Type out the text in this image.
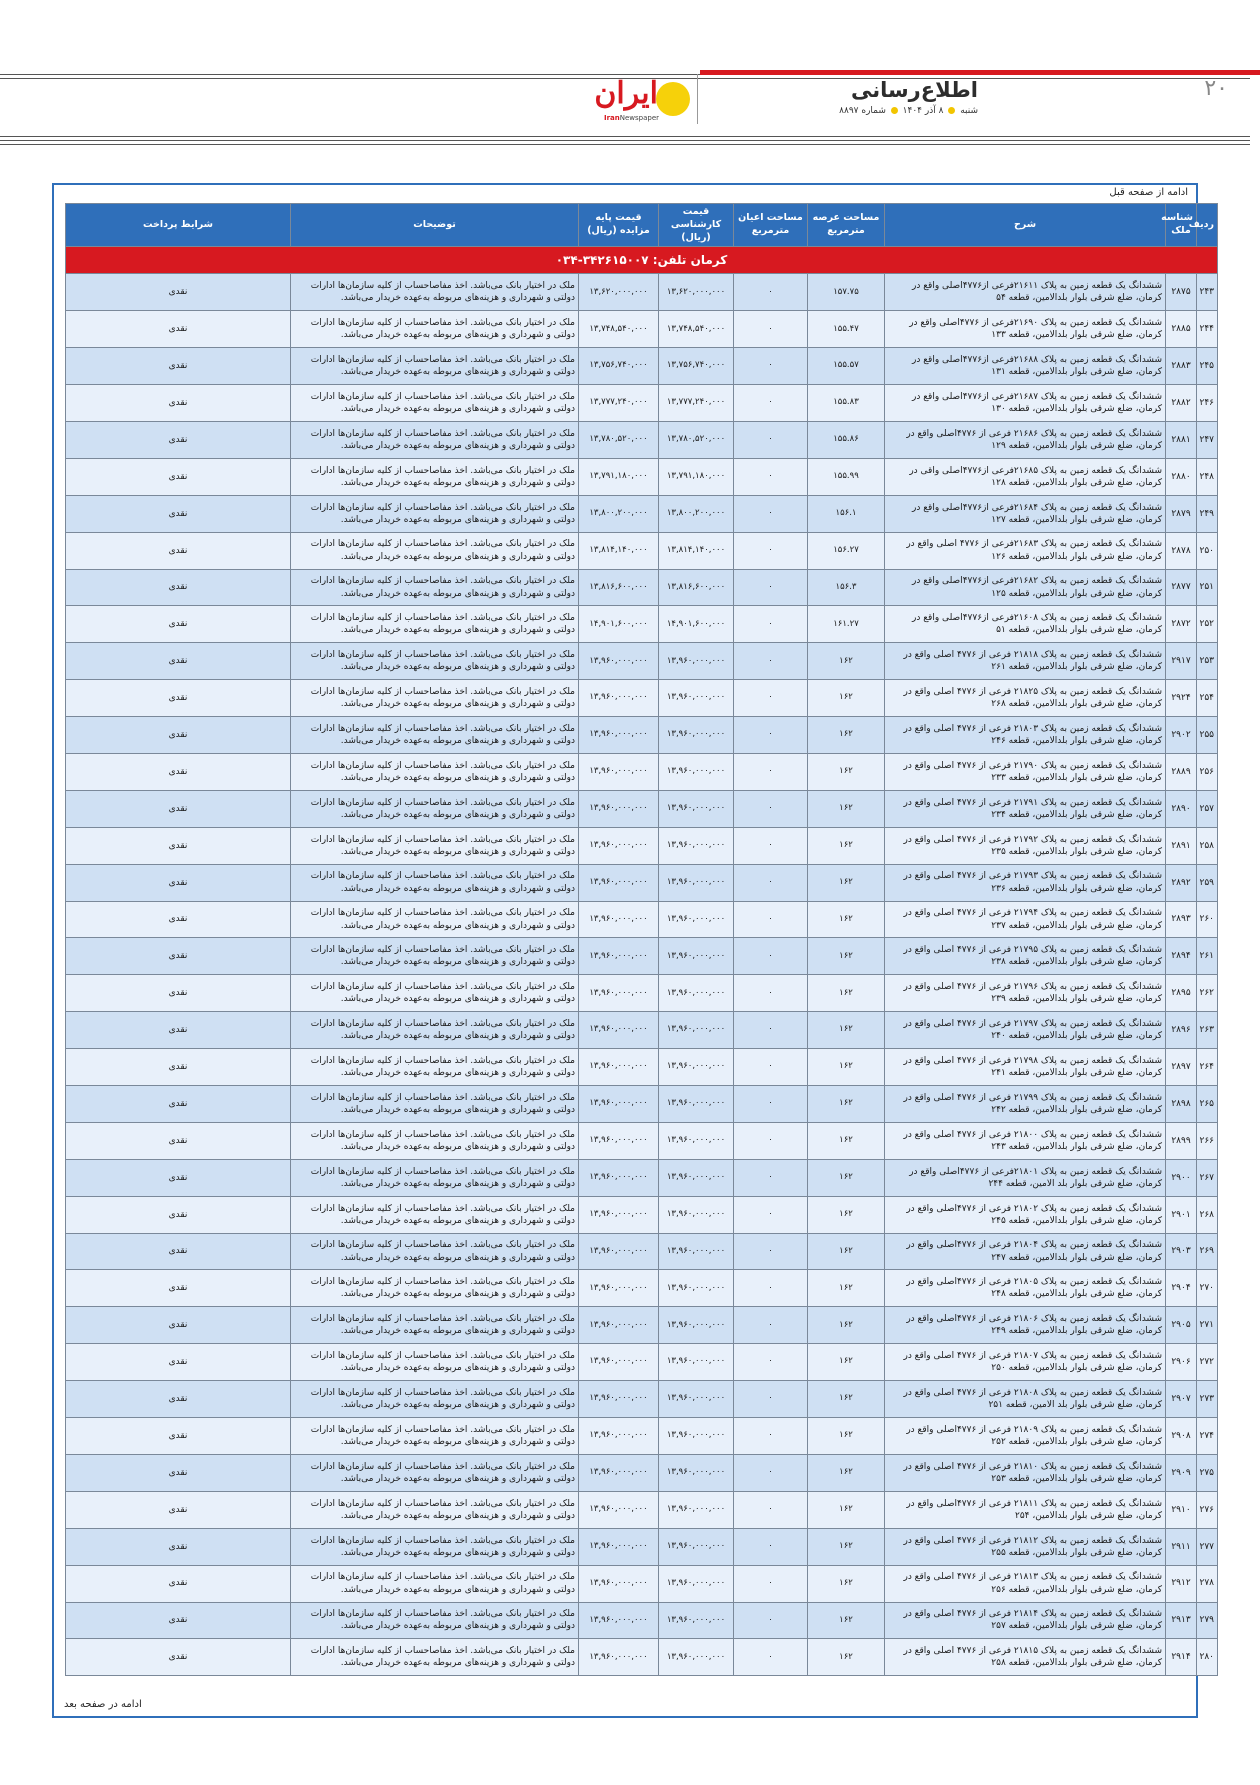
۲۰
اطلاع‌رسانی
شنبه  ۸ آذر ۱۴۰۴  شماره ۸۸۹۷
ایران
IranNewspaper
ادامه از صفحه قبل
ردیف	شناسه ملک	شرح	مساحت عرصه مترمربع	مساحت اعیان مترمربع	قیمت کارشناسی (ریال)	قیمت پایه مزایده (ریال)	توضیحات	شرایط پرداخت
کرمان تلفن: ۳۴۲۶۱۵۰۰۷-۰۳۴								
۲۴۳	۲۸۷۵	ششدانگ یک قطعه زمین به پلاک ۲۱۶۱۱فرعی از۴۷۷۶اصلی واقع در کرمان، ضلع شرقی بلوار بلدالامین، قطعه ۵۴	۱۵۷.۷۵	۰	۱۳,۶۲۰,۰۰۰,۰۰۰	۱۳,۶۲۰,۰۰۰,۰۰۰	ملک در اختیار بانک می‌باشد. اخذ مفاصاحساب از کلیه سازمان‌ها ادارات دولتی و شهرداری و هزینه‌های مربوطه به‌عهده خریدار می‌باشد.	نقدی
۲۴۴	۲۸۸۵	ششدانگ یک قطعه زمین به پلاک ۲۱۶۹۰فرعی از ۴۷۷۶اصلی واقع در کرمان، ضلع شرقی بلوار بلدالامین، قطعه ۱۳۳	۱۵۵.۴۷	۰	۱۳,۷۴۸,۵۴۰,۰۰۰	۱۳,۷۴۸,۵۴۰,۰۰۰	ملک در اختیار بانک می‌باشد. اخذ مفاصاحساب از کلیه سازمان‌ها ادارات دولتی و شهرداری و هزینه‌های مربوطه به‌عهده خریدار می‌باشد.	نقدی
۲۴۵	۲۸۸۳	ششدانگ یک قطعه زمین به پلاک ۲۱۶۸۸فرعی از۴۷۷۶اصلی واقع در کرمان، ضلع شرقی بلوار بلدالامین، قطعه ۱۳۱	۱۵۵.۵۷	۰	۱۳,۷۵۶,۷۴۰,۰۰۰	۱۳,۷۵۶,۷۴۰,۰۰۰	ملک در اختیار بانک می‌باشد. اخذ مفاصاحساب از کلیه سازمان‌ها ادارات دولتی و شهرداری و هزینه‌های مربوطه به‌عهده خریدار می‌باشد.	نقدی
۲۴۶	۲۸۸۲	ششدانگ یک قطعه زمین به پلاک ۲۱۶۸۷فرعی از۴۷۷۶اصلی واقع در کرمان، ضلع شرقی بلوار بلدالامین، قطعه ۱۳۰	۱۵۵.۸۳	۰	۱۳,۷۷۷,۲۴۰,۰۰۰	۱۳,۷۷۷,۲۴۰,۰۰۰	ملک در اختیار بانک می‌باشد. اخذ مفاصاحساب از کلیه سازمان‌ها ادارات دولتی و شهرداری و هزینه‌های مربوطه به‌عهده خریدار می‌باشد.	نقدی
۲۴۷	۲۸۸۱	ششدانگ یک قطعه زمین به پلاک ۲۱۶۸۶ فرعی از ۴۷۷۶اصلی واقع در کرمان، ضلع شرقی بلوار بلدالامین، قطعه ۱۲۹	۱۵۵.۸۶	۰	۱۳,۷۸۰,۵۲۰,۰۰۰	۱۳,۷۸۰,۵۲۰,۰۰۰	ملک در اختیار بانک می‌باشد. اخذ مفاصاحساب از کلیه سازمان‌ها ادارات دولتی و شهرداری و هزینه‌های مربوطه به‌عهده خریدار می‌باشد.	نقدی
۲۴۸	۲۸۸۰	ششدانگ یک قطعه زمین به پلاک ۲۱۶۸۵فرعی از۴۷۷۶اصلی واقی در کرمان، ضلع شرقی بلوار بلدالامین، قطعه ۱۲۸	۱۵۵.۹۹	۰	۱۳,۷۹۱,۱۸۰,۰۰۰	۱۳,۷۹۱,۱۸۰,۰۰۰	ملک در اختیار بانک می‌باشد. اخذ مفاصاحساب از کلیه سازمان‌ها ادارات دولتی و شهرداری و هزینه‌های مربوطه به‌عهده خریدار می‌باشد.	نقدی
۲۴۹	۲۸۷۹	ششدانگ یک قطعه زمین به پلاک ۲۱۶۸۴فرعی از۴۷۷۶اصلی واقع در کرمان، ضلع شرقی بلوار بلدالامین، قطعه ۱۲۷	۱۵۶.۱	۰	۱۳,۸۰۰,۲۰۰,۰۰۰	۱۳,۸۰۰,۲۰۰,۰۰۰	ملک در اختیار بانک می‌باشد. اخذ مفاصاحساب از کلیه سازمان‌ها ادارات دولتی و شهرداری و هزینه‌های مربوطه به‌عهده خریدار می‌باشد.	نقدی
۲۵۰	۲۸۷۸	ششدانگ یک قطعه زمین به پلاک ۲۱۶۸۳فرعی از ۴۷۷۶ اصلی واقع در کرمان، ضلع شرقی بلوار بلدالامین، قطعه ۱۲۶	۱۵۶.۲۷	۰	۱۳,۸۱۴,۱۴۰,۰۰۰	۱۳,۸۱۴,۱۴۰,۰۰۰	ملک در اختیار بانک می‌باشد. اخذ مفاصاحساب از کلیه سازمان‌ها ادارات دولتی و شهرداری و هزینه‌های مربوطه به‌عهده خریدار می‌باشد.	نقدی
۲۵۱	۲۸۷۷	ششدانگ یک قطعه زمین به پلاک ۲۱۶۸۲فرعی از۴۷۷۶اصلی واقع در کرمان، ضلع شرقی بلوار بلدالامین، قطعه ۱۲۵	۱۵۶.۳	۰	۱۳,۸۱۶,۶۰۰,۰۰۰	۱۳,۸۱۶,۶۰۰,۰۰۰	ملک در اختیار بانک می‌باشد. اخذ مفاصاحساب از کلیه سازمان‌ها ادارات دولتی و شهرداری و هزینه‌های مربوطه به‌عهده خریدار می‌باشد.	نقدی
۲۵۲	۲۸۷۲	ششدانگ یک قطعه زمین به پلاک ۲۱۶۰۸فرعی از۴۷۷۶اصلی واقع در کرمان، ضلع شرقی بلوار بلدالامین، قطعه ۵۱	۱۶۱.۲۷	۰	۱۴,۹۰۱,۶۰۰,۰۰۰	۱۴,۹۰۱,۶۰۰,۰۰۰	ملک در اختیار بانک می‌باشد. اخذ مفاصاحساب از کلیه سازمان‌ها ادارات دولتی و شهرداری و هزینه‌های مربوطه به‌عهده خریدار می‌باشد.	نقدی
۲۵۳	۲۹۱۷	ششدانگ یک قطعه زمین به پلاک ۲۱۸۱۸ فرعی از ۴۷۷۶ اصلی واقع در کرمان، ضلع شرقی بلوار بلدالامین، قطعه ۲۶۱	۱۶۲	۰	۱۳,۹۶۰,۰۰۰,۰۰۰	۱۳,۹۶۰,۰۰۰,۰۰۰	ملک در اختیار بانک می‌باشد. اخذ مفاصاحساب از کلیه سازمان‌ها ادارات دولتی و شهرداری و هزینه‌های مربوطه به‌عهده خریدار می‌باشد.	نقدی
۲۵۴	۲۹۲۴	ششدانگ یک قطعه زمین به پلاک ۲۱۸۲۵ فرعی از ۴۷۷۶ اصلی واقع در کرمان، ضلع شرقی بلوار بلدالامین، قطعه ۲۶۸	۱۶۲	۰	۱۳,۹۶۰,۰۰۰,۰۰۰	۱۳,۹۶۰,۰۰۰,۰۰۰	ملک در اختیار بانک می‌باشد. اخذ مفاصاحساب از کلیه سازمان‌ها ادارات دولتی و شهرداری و هزینه‌های مربوطه به‌عهده خریدار می‌باشد.	نقدی
۲۵۵	۲۹۰۲	ششدانگ یک قطعه زمین به پلاک ۲۱۸۰۳ فرعی از ۴۷۷۶ اصلی واقع در کرمان، ضلع شرقی بلوار بلدالامین، قطعه ۲۴۶	۱۶۲	۰	۱۳,۹۶۰,۰۰۰,۰۰۰	۱۳,۹۶۰,۰۰۰,۰۰۰	ملک در اختیار بانک می‌باشد. اخذ مفاصاحساب از کلیه سازمان‌ها ادارات دولتی و شهرداری و هزینه‌های مربوطه به‌عهده خریدار می‌باشد.	نقدی
۲۵۶	۲۸۸۹	ششدانگ یک قطعه زمین به پلاک ۲۱۷۹۰ فرعی از ۴۷۷۶ اصلی واقع در کرمان، ضلع شرقی بلوار بلدالامین، قطعه ۲۳۳	۱۶۲	۰	۱۳,۹۶۰,۰۰۰,۰۰۰	۱۳,۹۶۰,۰۰۰,۰۰۰	ملک در اختیار بانک می‌باشد. اخذ مفاصاحساب از کلیه سازمان‌ها ادارات دولتی و شهرداری و هزینه‌های مربوطه به‌عهده خریدار می‌باشد.	نقدی
۲۵۷	۲۸۹۰	ششدانگ یک قطعه زمین به پلاک ۲۱۷۹۱ فرعی از ۴۷۷۶ اصلی واقع در کرمان، ضلع شرقی بلوار بلدالامین، قطعه ۲۳۴	۱۶۲	۰	۱۳,۹۶۰,۰۰۰,۰۰۰	۱۳,۹۶۰,۰۰۰,۰۰۰	ملک در اختیار بانک می‌باشد. اخذ مفاصاحساب از کلیه سازمان‌ها ادارات دولتی و شهرداری و هزینه‌های مربوطه به‌عهده خریدار می‌باشد.	نقدی
۲۵۸	۲۸۹۱	ششدانگ یک قطعه زمین به پلاک ۲۱۷۹۲ فرعی از ۴۷۷۶ اصلی واقع در کرمان، ضلع شرقی بلوار بلدالامین، قطعه ۲۳۵	۱۶۲	۰	۱۳,۹۶۰,۰۰۰,۰۰۰	۱۳,۹۶۰,۰۰۰,۰۰۰	ملک در اختیار بانک می‌باشد. اخذ مفاصاحساب از کلیه سازمان‌ها ادارات دولتی و شهرداری و هزینه‌های مربوطه به‌عهده خریدار می‌باشد.	نقدی
۲۵۹	۲۸۹۲	ششدانگ یک قطعه زمین به پلاک ۲۱۷۹۳ فرعی از ۴۷۷۶ اصلی واقع در کرمان، ضلع شرقی بلوار بلدالامین، قطعه ۲۳۶	۱۶۲	۰	۱۳,۹۶۰,۰۰۰,۰۰۰	۱۳,۹۶۰,۰۰۰,۰۰۰	ملک در اختیار بانک می‌باشد. اخذ مفاصاحساب از کلیه سازمان‌ها ادارات دولتی و شهرداری و هزینه‌های مربوطه به‌عهده خریدار می‌باشد.	نقدی
۲۶۰	۲۸۹۳	ششدانگ یک قطعه زمین به پلاک ۲۱۷۹۴ فرعی از ۴۷۷۶ اصلی واقع در کرمان، ضلع شرقی بلوار بلدالامین، قطعه ۲۳۷	۱۶۲	۰	۱۳,۹۶۰,۰۰۰,۰۰۰	۱۳,۹۶۰,۰۰۰,۰۰۰	ملک در اختیار بانک می‌باشد. اخذ مفاصاحساب از کلیه سازمان‌ها ادارات دولتی و شهرداری و هزینه‌های مربوطه به‌عهده خریدار می‌باشد.	نقدی
۲۶۱	۲۸۹۴	ششدانگ یک قطعه زمین به پلاک ۲۱۷۹۵ فرعی از ۴۷۷۶ اصلی واقع در کرمان، ضلع شرقی بلوار بلدالامین، قطعه ۲۳۸	۱۶۲	۰	۱۳,۹۶۰,۰۰۰,۰۰۰	۱۳,۹۶۰,۰۰۰,۰۰۰	ملک در اختیار بانک می‌باشد. اخذ مفاصاحساب از کلیه سازمان‌ها ادارات دولتی و شهرداری و هزینه‌های مربوطه به‌عهده خریدار می‌باشد.	نقدی
۲۶۲	۲۸۹۵	ششدانگ یک قطعه زمین به پلاک ۲۱۷۹۶ فرعی از ۴۷۷۶ اصلی واقع در کرمان، ضلع شرقی بلوار بلدالامین، قطعه ۲۳۹	۱۶۲	۰	۱۳,۹۶۰,۰۰۰,۰۰۰	۱۳,۹۶۰,۰۰۰,۰۰۰	ملک در اختیار بانک می‌باشد. اخذ مفاصاحساب از کلیه سازمان‌ها ادارات دولتی و شهرداری و هزینه‌های مربوطه به‌عهده خریدار می‌باشد.	نقدی
۲۶۳	۲۸۹۶	ششدانگ یک قطعه زمین به پلاک ۲۱۷۹۷ فرعی از ۴۷۷۶ اصلی واقع در کرمان، ضلع شرقی بلوار بلدالامین، قطعه ۲۴۰	۱۶۲	۰	۱۳,۹۶۰,۰۰۰,۰۰۰	۱۳,۹۶۰,۰۰۰,۰۰۰	ملک در اختیار بانک می‌باشد. اخذ مفاصاحساب از کلیه سازمان‌ها ادارات دولتی و شهرداری و هزینه‌های مربوطه به‌عهده خریدار می‌باشد.	نقدی
۲۶۴	۲۸۹۷	ششدانگ یک قطعه زمین به پلاک ۲۱۷۹۸ فرعی از ۴۷۷۶ اصلی واقع در کرمان، ضلع شرقی بلوار بلدالامین، قطعه ۲۴۱	۱۶۲	۰	۱۳,۹۶۰,۰۰۰,۰۰۰	۱۳,۹۶۰,۰۰۰,۰۰۰	ملک در اختیار بانک می‌باشد. اخذ مفاصاحساب از کلیه سازمان‌ها ادارات دولتی و شهرداری و هزینه‌های مربوطه به‌عهده خریدار می‌باشد.	نقدی
۲۶۵	۲۸۹۸	ششدانگ یک قطعه زمین به پلاک ۲۱۷۹۹ فرعی از ۴۷۷۶ اصلی واقع در کرمان، ضلع شرقی بلوار بلدالامین، قطعه ۲۴۲	۱۶۲	۰	۱۳,۹۶۰,۰۰۰,۰۰۰	۱۳,۹۶۰,۰۰۰,۰۰۰	ملک در اختیار بانک می‌باشد. اخذ مفاصاحساب از کلیه سازمان‌ها ادارات دولتی و شهرداری و هزینه‌های مربوطه به‌عهده خریدار می‌باشد.	نقدی
۲۶۶	۲۸۹۹	ششدانگ یک قطعه زمین به پلاک ۲۱۸۰۰ فرعی از ۴۷۷۶ اصلی واقع در کرمان، ضلع شرقی بلوار بلدالامین، قطعه ۲۴۳	۱۶۲	۰	۱۳,۹۶۰,۰۰۰,۰۰۰	۱۳,۹۶۰,۰۰۰,۰۰۰	ملک در اختیار بانک می‌باشد. اخذ مفاصاحساب از کلیه سازمان‌ها ادارات دولتی و شهرداری و هزینه‌های مربوطه به‌عهده خریدار می‌باشد.	نقدی
۲۶۷	۲۹۰۰	ششدانگ یک قطعه زمین به پلاک ۲۱۸۰۱فرعی از ۴۷۷۶اصلی واقع در کرمان، ضلع شرقی بلوار بلد الامین، قطعه ۲۴۴	۱۶۲	۰	۱۳,۹۶۰,۰۰۰,۰۰۰	۱۳,۹۶۰,۰۰۰,۰۰۰	ملک در اختیار بانک می‌باشد. اخذ مفاصاحساب از کلیه سازمان‌ها ادارات دولتی و شهرداری و هزینه‌های مربوطه به‌عهده خریدار می‌باشد.	نقدی
۲۶۸	۲۹۰۱	ششدانگ یک قطعه زمین به پلاک ۲۱۸۰۲ فرعی از ۴۷۷۶اصلی واقع در کرمان، ضلع شرقی بلوار بلدالامین، قطعه ۲۴۵	۱۶۲	۰	۱۳,۹۶۰,۰۰۰,۰۰۰	۱۳,۹۶۰,۰۰۰,۰۰۰	ملک در اختیار بانک می‌باشد. اخذ مفاصاحساب از کلیه سازمان‌ها ادارات دولتی و شهرداری و هزینه‌های مربوطه به‌عهده خریدار می‌باشد.	نقدی
۲۶۹	۲۹۰۳	ششدانگ یک قطعه زمین به پلاک ۲۱۸۰۴ فرعی از ۴۷۷۶اصلی واقع در کرمان، ضلع شرقی بلوار بلدالامین، قطعه ۲۴۷	۱۶۲	۰	۱۳,۹۶۰,۰۰۰,۰۰۰	۱۳,۹۶۰,۰۰۰,۰۰۰	ملک در اختیار بانک می‌باشد. اخذ مفاصاحساب از کلیه سازمان‌ها ادارات دولتی و شهرداری و هزینه‌های مربوطه به‌عهده خریدار می‌باشد.	نقدی
۲۷۰	۲۹۰۴	ششدانگ یک قطعه زمین به پلاک ۲۱۸۰۵ فرعی از ۴۷۷۶اصلی واقع در کرمان، ضلع شرقی بلوار بلدالامین، قطعه ۲۴۸	۱۶۲	۰	۱۳,۹۶۰,۰۰۰,۰۰۰	۱۳,۹۶۰,۰۰۰,۰۰۰	ملک در اختیار بانک می‌باشد. اخذ مفاصاحساب از کلیه سازمان‌ها ادارات دولتی و شهرداری و هزینه‌های مربوطه به‌عهده خریدار می‌باشد.	نقدی
۲۷۱	۲۹۰۵	ششدانگ یک قطعه زمین به پلاک ۲۱۸۰۶ فرعی از ۴۷۷۶اصلی واقع در کرمان، ضلع شرقی بلوار بلدالامین، قطعه ۲۴۹	۱۶۲	۰	۱۳,۹۶۰,۰۰۰,۰۰۰	۱۳,۹۶۰,۰۰۰,۰۰۰	ملک در اختیار بانک می‌باشد. اخذ مفاصاحساب از کلیه سازمان‌ها ادارات دولتی و شهرداری و هزینه‌های مربوطه به‌عهده خریدار می‌باشد.	نقدی
۲۷۲	۲۹۰۶	ششدانگ یک قطعه زمین به پلاک ۲۱۸۰۷ فرعی از ۴۷۷۶ اصلی واقع در کرمان، ضلع شرقی بلوار بلدالامین، قطعه ۲۵۰	۱۶۲	۰	۱۳,۹۶۰,۰۰۰,۰۰۰	۱۳,۹۶۰,۰۰۰,۰۰۰	ملک در اختیار بانک می‌باشد. اخذ مفاصاحساب از کلیه سازمان‌ها ادارات دولتی و شهرداری و هزینه‌های مربوطه به‌عهده خریدار می‌باشد.	نقدی
۲۷۳	۲۹۰۷	ششدانگ یک قطعه زمین به پلاک ۲۱۸۰۸ فرعی از ۴۷۷۶ اصلی واقع در کرمان، ضلع شرقی بلوار بلد الامین، قطعه ۲۵۱	۱۶۲	۰	۱۳,۹۶۰,۰۰۰,۰۰۰	۱۳,۹۶۰,۰۰۰,۰۰۰	ملک در اختیار بانک می‌باشد. اخذ مفاصاحساب از کلیه سازمان‌ها ادارات دولتی و شهرداری و هزینه‌های مربوطه به‌عهده خریدار می‌باشد.	نقدی
۲۷۴	۲۹۰۸	ششدانگ یک قطعه زمین به پلاک ۲۱۸۰۹ فرعی از ۴۷۷۶اصلی واقع در کرمان، ضلع شرقی بلوار بلدالامین، قطعه ۲۵۲	۱۶۲	۰	۱۳,۹۶۰,۰۰۰,۰۰۰	۱۳,۹۶۰,۰۰۰,۰۰۰	ملک در اختیار بانک می‌باشد. اخذ مفاصاحساب از کلیه سازمان‌ها ادارات دولتی و شهرداری و هزینه‌های مربوطه به‌عهده خریدار می‌باشد.	نقدی
۲۷۵	۲۹۰۹	ششدانگ یک قطعه زمین به پلاک ۲۱۸۱۰ فرعی از ۴۷۷۶ اصلی واقع در کرمان، ضلع شرقی بلوار بلدالامین، قطعه ۲۵۳	۱۶۲	۰	۱۳,۹۶۰,۰۰۰,۰۰۰	۱۳,۹۶۰,۰۰۰,۰۰۰	ملک در اختیار بانک می‌باشد. اخذ مفاصاحساب از کلیه سازمان‌ها ادارات دولتی و شهرداری و هزینه‌های مربوطه به‌عهده خریدار می‌باشد.	نقدی
۲۷۶	۲۹۱۰	ششدانگ یک قطعه زمین به پلاک ۲۱۸۱۱ فرعی از ۴۷۷۶اصلی واقع در کرمان، ضلع شرقی بلوار بلدالامین، ۲۵۴	۱۶۲	۰	۱۳,۹۶۰,۰۰۰,۰۰۰	۱۳,۹۶۰,۰۰۰,۰۰۰	ملک در اختیار بانک می‌باشد. اخذ مفاصاحساب از کلیه سازمان‌ها ادارات دولتی و شهرداری و هزینه‌های مربوطه به‌عهده خریدار می‌باشد.	نقدی
۲۷۷	۲۹۱۱	ششدانگ یک قطعه زمین به پلاک ۲۱۸۱۲ فرعی از ۴۷۷۶ اصلی واقع در کرمان، ضلع شرقی بلوار بلدالامین، قطعه ۲۵۵	۱۶۲	۰	۱۳,۹۶۰,۰۰۰,۰۰۰	۱۳,۹۶۰,۰۰۰,۰۰۰	ملک در اختیار بانک می‌باشد. اخذ مفاصاحساب از کلیه سازمان‌ها ادارات دولتی و شهرداری و هزینه‌های مربوطه به‌عهده خریدار می‌باشد.	نقدی
۲۷۸	۲۹۱۲	ششدانگ یک قطعه زمین به پلاک ۲۱۸۱۳ فرعی از ۴۷۷۶ اصلی واقع در کرمان، ضلع شرقی بلوار بلدالامین، قطعه ۲۵۶	۱۶۲	۰	۱۳,۹۶۰,۰۰۰,۰۰۰	۱۳,۹۶۰,۰۰۰,۰۰۰	ملک در اختیار بانک می‌باشد. اخذ مفاصاحساب از کلیه سازمان‌ها ادارات دولتی و شهرداری و هزینه‌های مربوطه به‌عهده خریدار می‌باشد.	نقدی
۲۷۹	۲۹۱۳	ششدانگ یک قطعه زمین به پلاک ۲۱۸۱۴ فرعی از ۴۷۷۶ اصلی واقع در کرمان، ضلع شرقی بلوار بلدالامین، قطعه ۲۵۷	۱۶۲	۰	۱۳,۹۶۰,۰۰۰,۰۰۰	۱۳,۹۶۰,۰۰۰,۰۰۰	ملک در اختیار بانک می‌باشد. اخذ مفاصاحساب از کلیه سازمان‌ها ادارات دولتی و شهرداری و هزینه‌های مربوطه به‌عهده خریدار می‌باشد.	نقدی
۲۸۰	۲۹۱۴	ششدانگ یک قطعه زمین به پلاک ۲۱۸۱۵ فرعی از ۴۷۷۶ اصلی واقع در کرمان، ضلع شرقی بلوار بلدالامین، قطعه ۲۵۸	۱۶۲	۰	۱۳,۹۶۰,۰۰۰,۰۰۰	۱۳,۹۶۰,۰۰۰,۰۰۰	ملک در اختیار بانک می‌باشد. اخذ مفاصاحساب از کلیه سازمان‌ها ادارات دولتی و شهرداری و هزینه‌های مربوطه به‌عهده خریدار می‌باشد.	نقدی
ادامه در صفحه بعد
